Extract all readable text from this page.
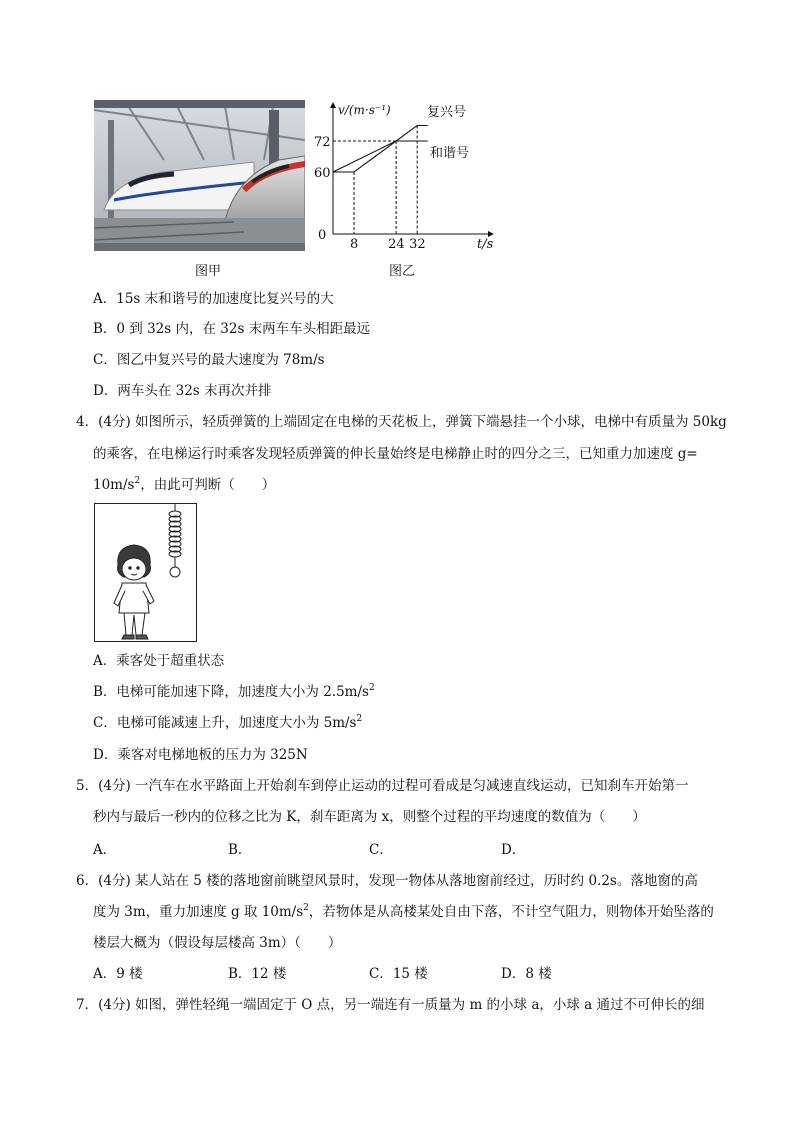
图甲
v/(m·s⁻¹)
t/s
72
60
0
8 24 32
复兴号
和谐号
图乙
A．15s 末和谐号的加速度比复兴号的大
B．0 到 32s 内，在 32s 末两车车头相距最远
C．图乙中复兴号的最大速度为 78m/s
D．两车头在 32s 末再次并排
4．(4分) 如图所示，轻质弹簧的上端固定在电梯的天花板上，弹簧下端悬挂一个小球，电梯中有质量为 50kg
的乘客，在电梯运行时乘客发现轻质弹簧的伸长量始终是电梯静止时的四分之三，已知重力加速度 g=
$10m/s^2$，由此可判断（　　）
A．乘客处于超重状态
B．电梯可能加速下降，加速度大小为 $2.5m/s^2$
C．电梯可能减速上升，加速度大小为 $5m/s^2$
D．乘客对电梯地板的压力为 325N
5．(4分) 一汽车在水平路面上开始刹车到停止运动的过程可看成是匀减速直线运动，已知刹车开始第一
秒内与最后一秒内的位移之比为 K，刹车距离为 x，则整个过程的平均速度的数值为（　　）
A．	B．	C．	D．
6．(4分) 某人站在 5 楼的落地窗前眺望风景时，发现一物体从落地窗前经过，历时约 0.2s。落地窗的高
度为 3m，重力加速度 g 取 $10m/s^2$，若物体是从高楼某处自由下落，不计空气阻力，则物体开始坠落的
楼层大概为（假设每层楼高 3m）（　　）
A．9 楼	B．12 楼	C．15 楼	D．8 楼
7．(4分) 如图，弹性轻绳一端固定于 O 点，另一端连有一质量为 m 的小球 a，小球 a 通过不可伸长的细
